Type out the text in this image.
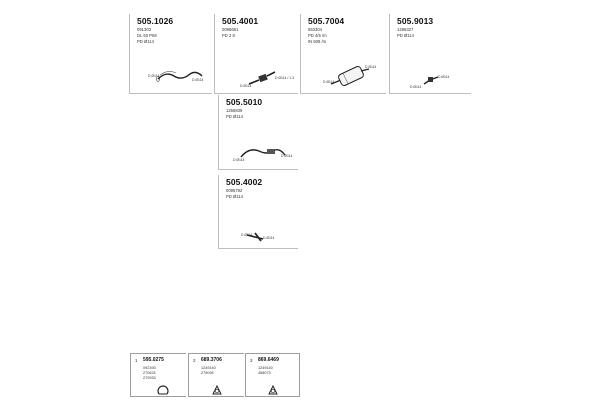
505.1026
091303
DL 60 PIM
PD Ø114
D Ø114
D Ø114
505.4001
0096681
PD 2 8
D Ø114
D Ø114 / 1.3
505.7004
553304
PD 4/5 /m
IN 508 /m
D Ø114
D Ø114
505.9013
1296327
PD Ø114
D Ø114
D Ø114
505.5010
1256839
PD Ø114
D Ø114
D Ø114
505.4002
0095782
PD Ø114
D Ø114
D Ø114
1 595.0275
092393
270624
270933
2 689.3706
1249140
279094
3 869.6469
1249140
458073
